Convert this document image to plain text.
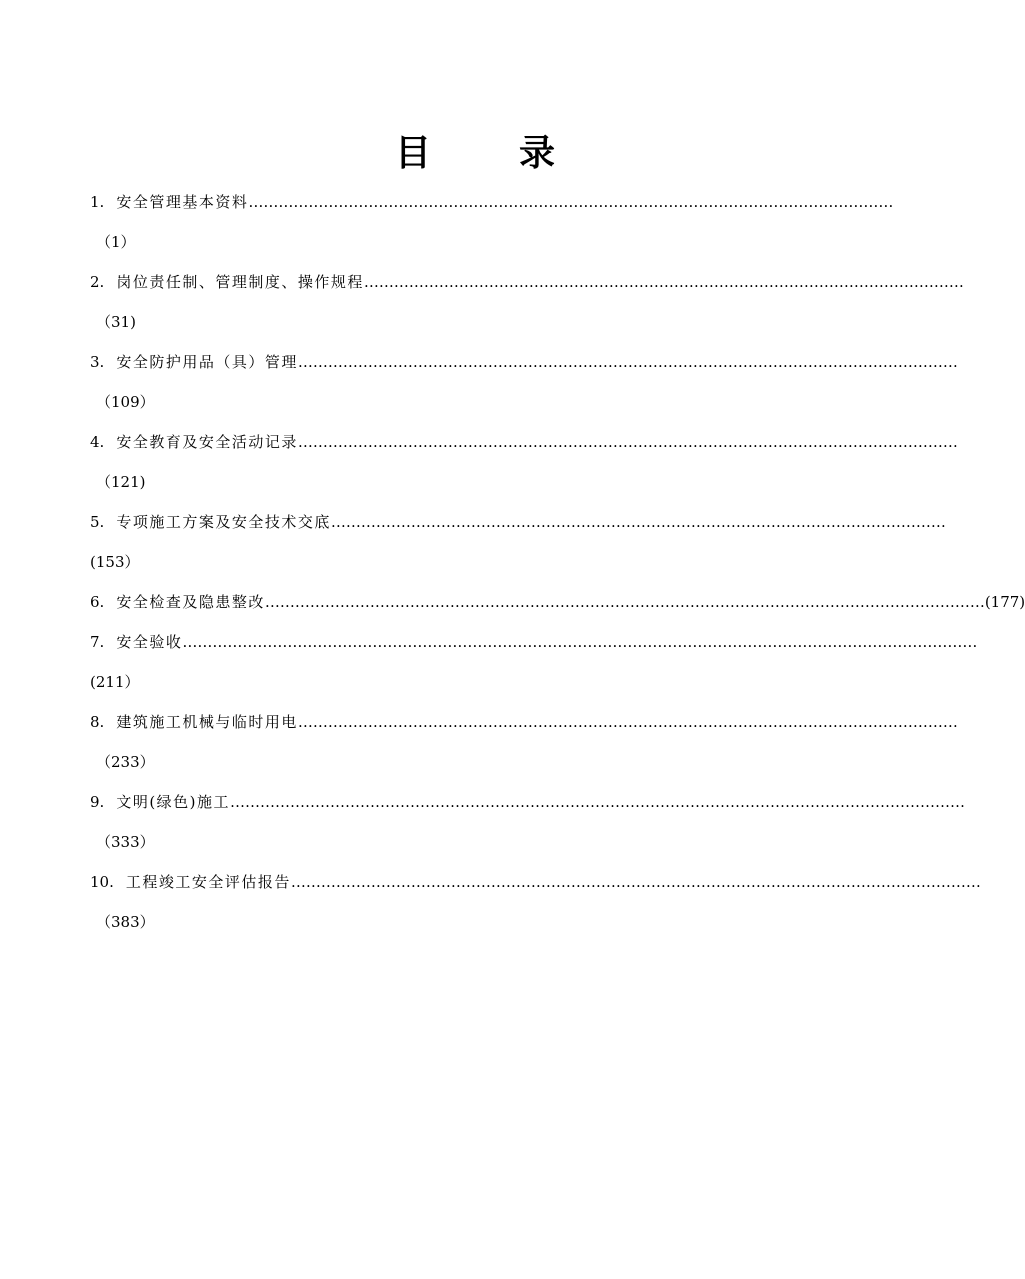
目　录
1. 安全管理基本资料 …………………………………………………………………………………………………………………
（1）
2. 岗位责任制、管理制度、操作规程 …………………………………………………………………………………………………………
（31)
3. 安全防护用品（具）管理 ……………………………………………………………………………………………………………………
（109）
4. 安全教育及安全活动记录 ……………………………………………………………………………………………………………………
（121)
5. 专项施工方案及安全技术交底 ……………………………………………………………………………………………………………
(153）
6. 安全检查及隐患整改 ……………………………………………………………………………………………………………………………… (177)
7. 安全验收 ……………………………………………………………………………………………………………………………………………
(211）
8. 建筑施工机械与临时用电 ……………………………………………………………………………………………………………………
（233）
9. 文明(绿色)施工 …………………………………………………………………………………………………………………………………
（333）
10. 工程竣工安全评估报告 …………………………………………………………………………………………………………………………
（383）
